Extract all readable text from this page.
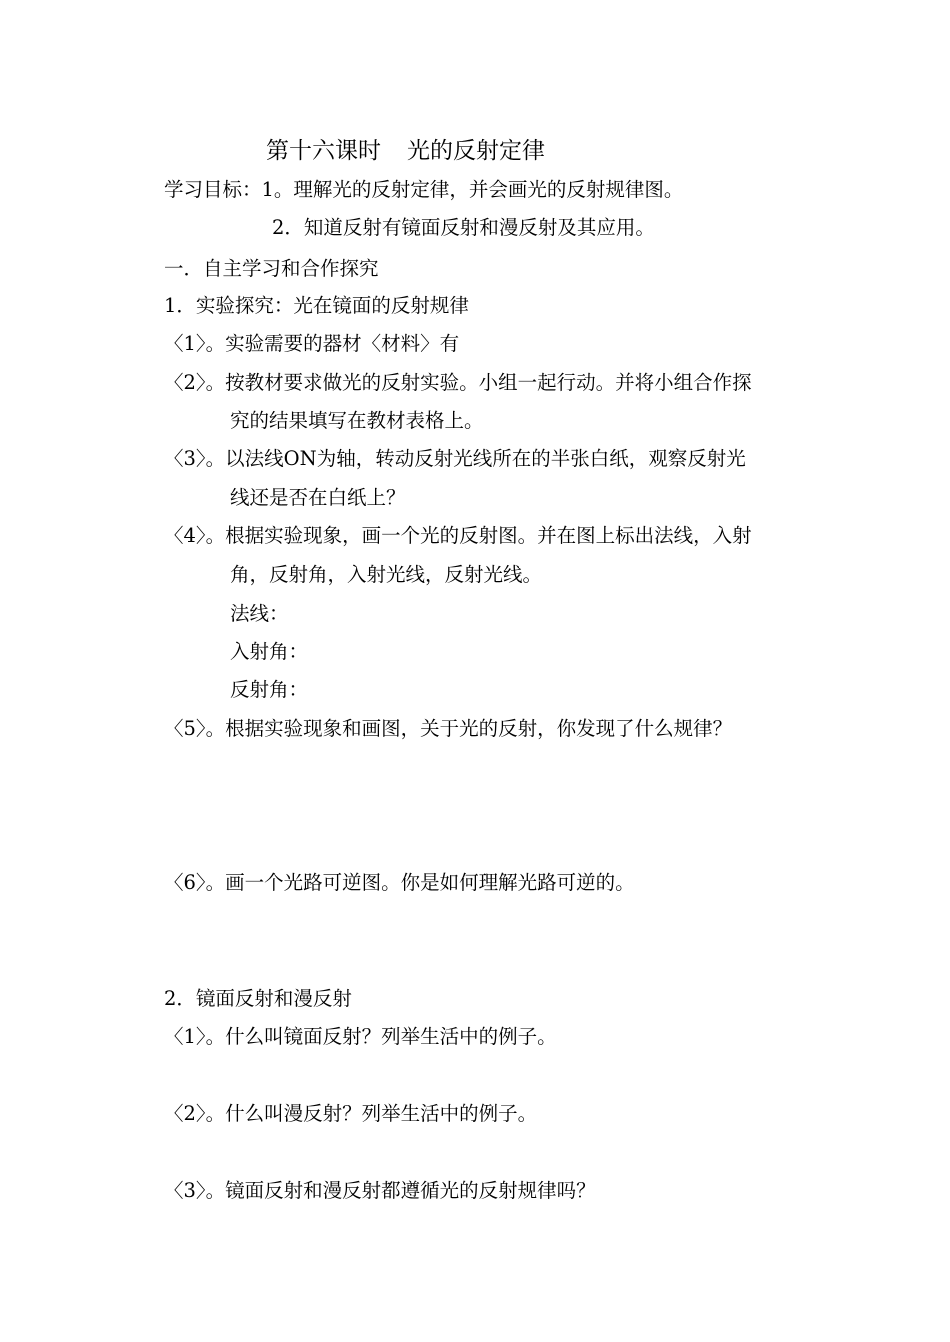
第十六课时 光的反射定律
学习目标：1。理解光的反射定律，并会画光的反射规律图。
2．知道反射有镜面反射和漫反射及其应用。
一．自主学习和合作探究
1．实验探究：光在镜面的反射规律
〈1〉。实验需要的器材〈材料〉有
〈2〉。按教材要求做光的反射实验。小组一起行动。并将小组合作探
究的结果填写在教材表格上。
〈3〉。以法线ON为轴，转动反射光线所在的半张白纸，观察反射光
线还是否在白纸上？
〈4〉。根据实验现象，画一个光的反射图。并在图上标出法线，入射
角，反射角，入射光线，反射光线。
法线：
入射角：
反射角：
〈5〉。根据实验现象和画图，关于光的反射，你发现了什么规律？
〈6〉。画一个光路可逆图。你是如何理解光路可逆的。
2．镜面反射和漫反射
〈1〉。什么叫镜面反射？列举生活中的例子。
〈2〉。什么叫漫反射？列举生活中的例子。
〈3〉。镜面反射和漫反射都遵循光的反射规律吗？
